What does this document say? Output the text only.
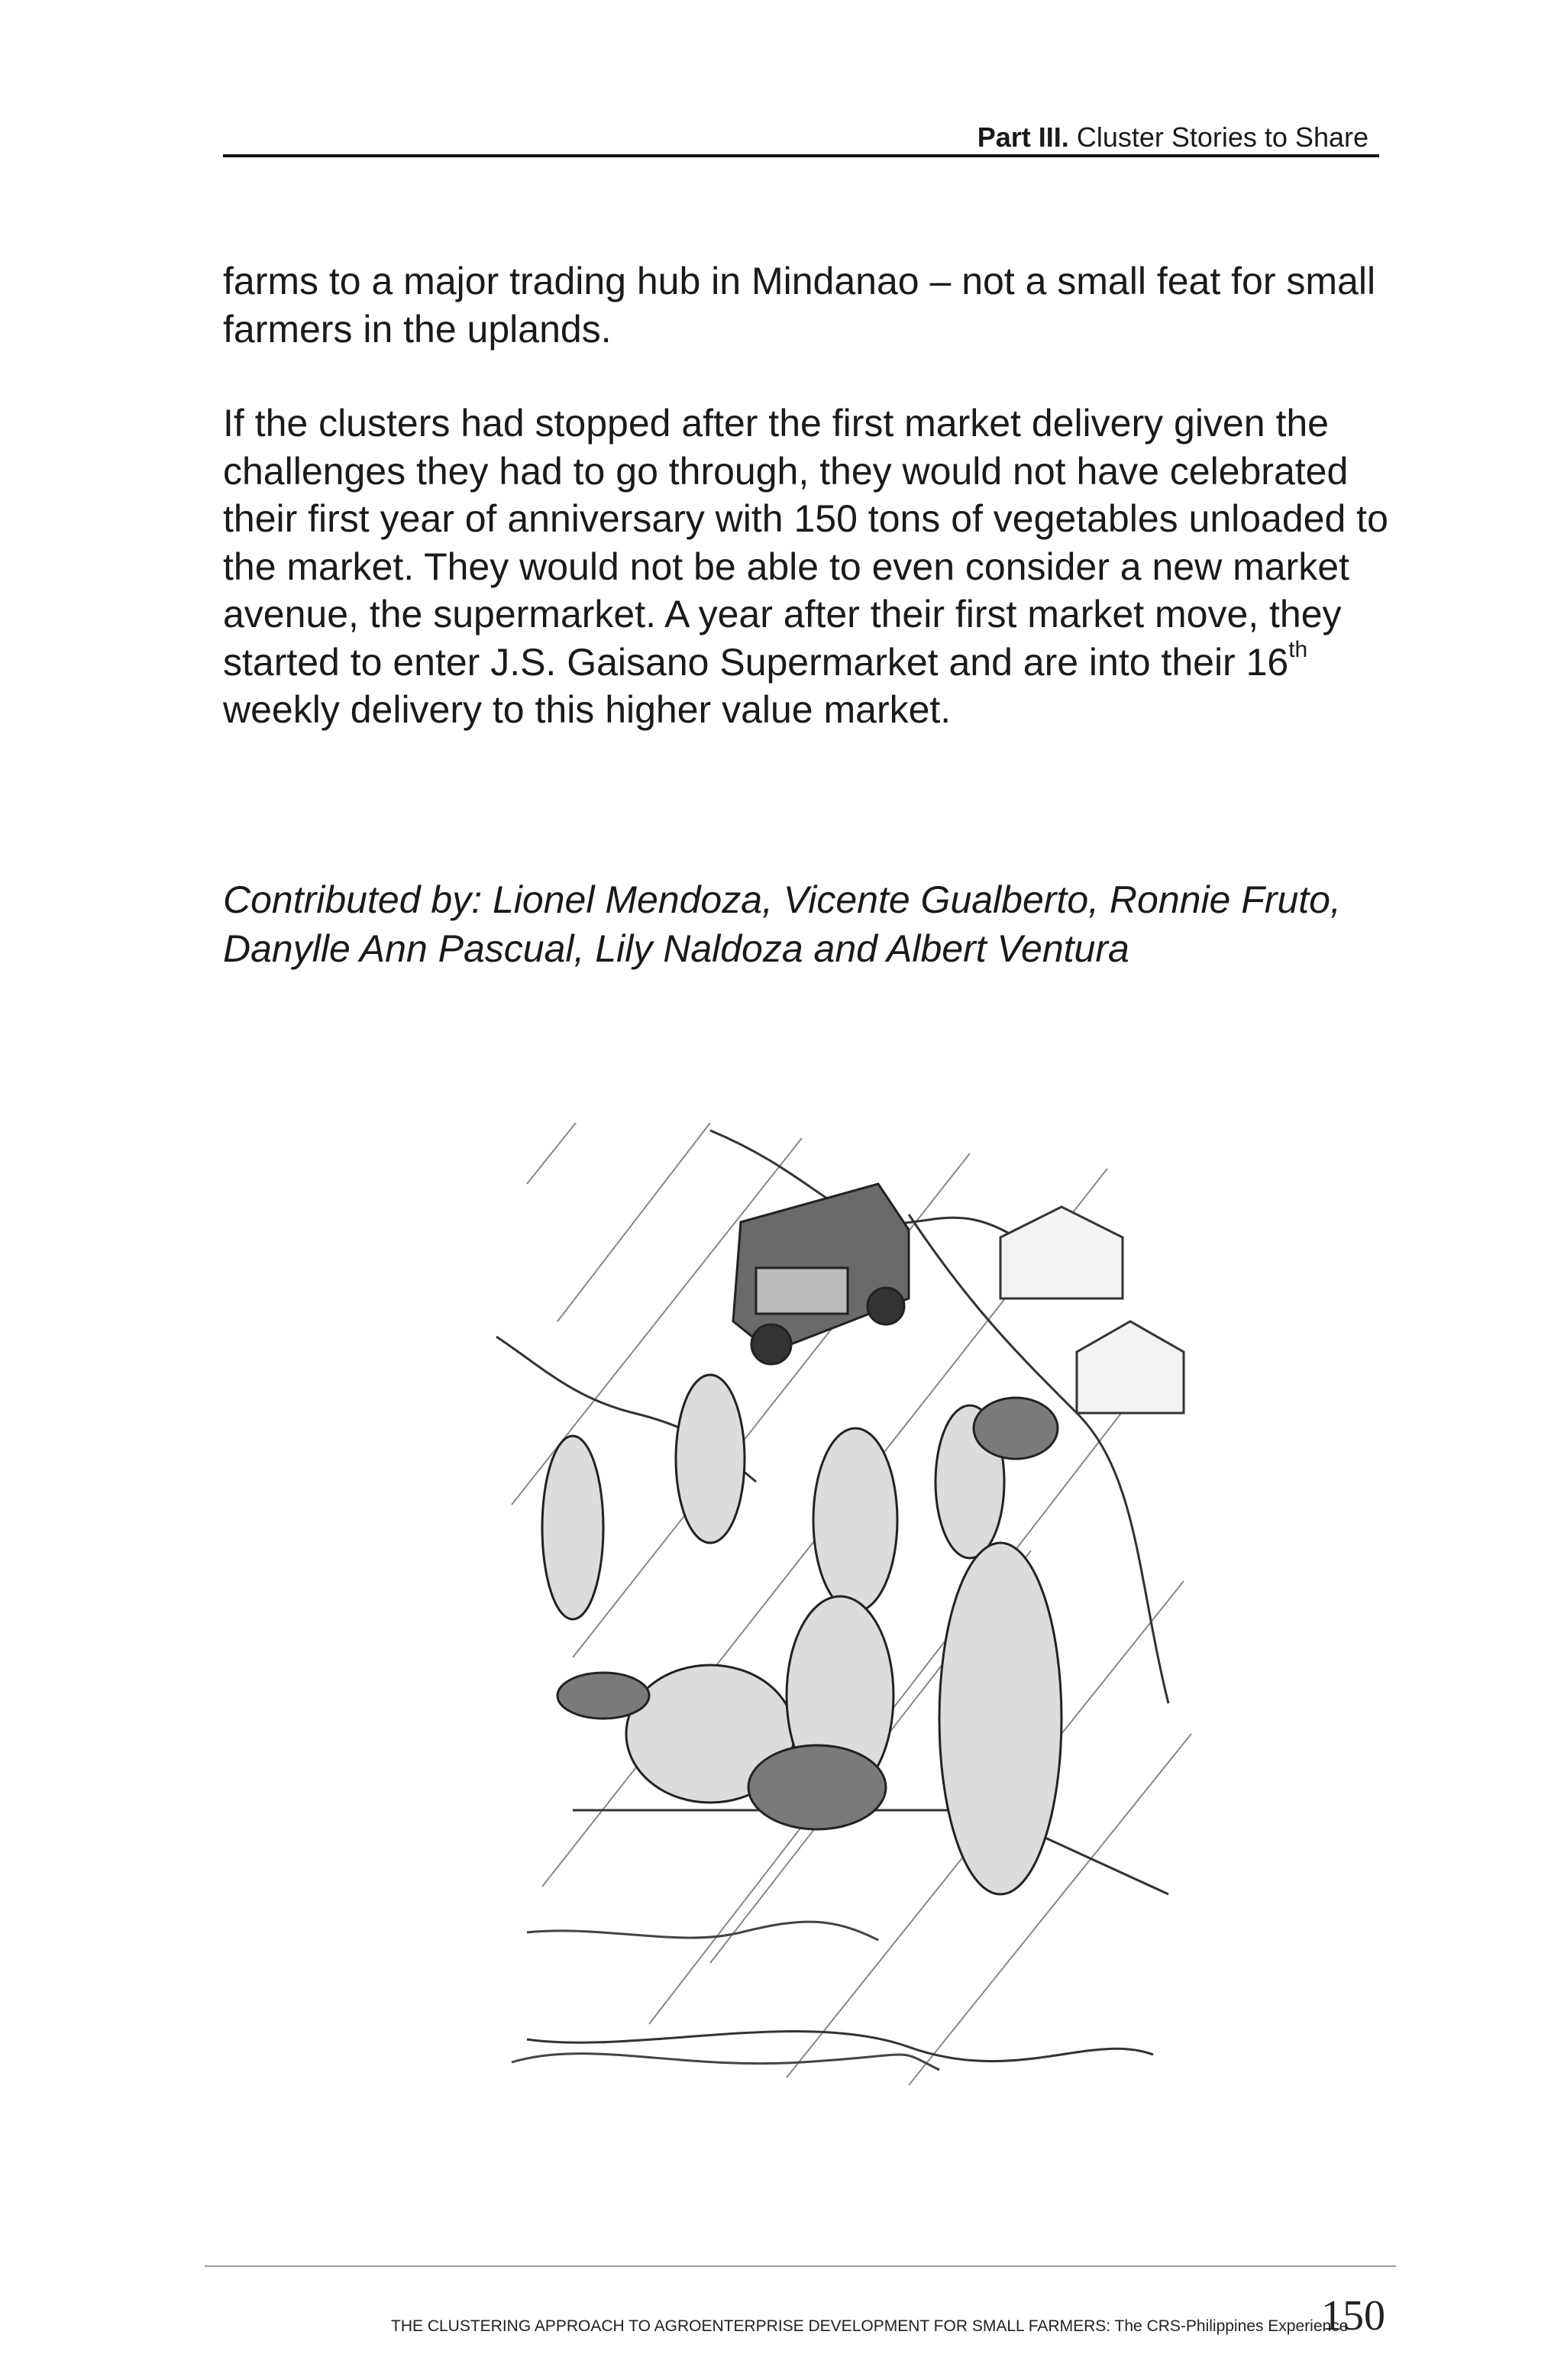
Part III. Cluster Stories to Share

farms to a major trading hub in Mindanao – not a small feat for small farmers in the uplands.

If the clusters had stopped after the first market delivery given the challenges they had to go through, they would not have celebrated their first year of anniversary with 150 tons of vegetables unloaded to the market. They would not be able to even consider a new market avenue, the supermarket. A year after their first market move, they started to enter J.S. Gaisano Supermarket and are into their 16th weekly delivery to this higher value market.

Contributed by: Lionel Mendoza, Vicente Gualberto, Ronnie Fruto, Danylle Ann Pascual, Lily Naldoza and Albert Ventura

THE CLUSTERING APPROACH TO AGROENTERPRISE DEVELOPMENT FOR SMALL FARMERS: The CRS-Philippines Experience
150
